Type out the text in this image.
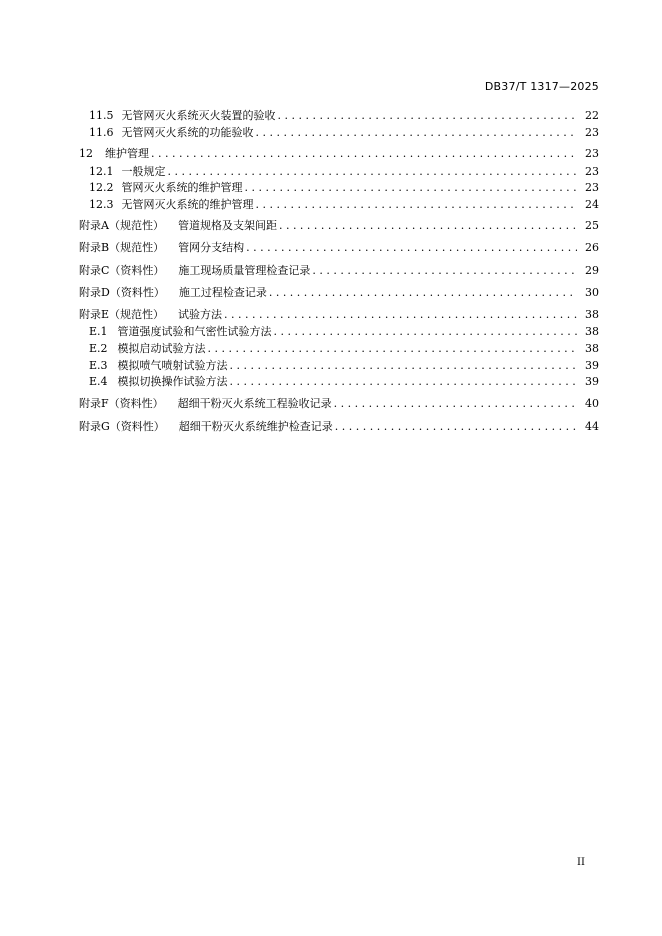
DB37/T 1317—2025
11.5 无管网灭火系统灭火装置的验收 . . .	22
11.6 无管网灭火系统的功能验收 . . .	23
12 维护管理 . . .	23
12.1 一般规定 . . .	23
12.2 管网灭火系统的维护管理 . . .	23
12.3 无管网灭火系统的维护管理 . . .	24
附录A（规范性） 管道规格及支架间距 . . .	25
附录B（规范性） 管网分支结构 . . .	26
附录C（资料性） 施工现场质量管理检查记录 . . .	29
附录D（资料性） 施工过程检查记录 . . .	30
附录E（规范性） 试验方法 . . .	38
E.1 管道强度试验和气密性试验方法 . . .	38
E.2 模拟启动试验方法 . . .	38
E.3 模拟喷气喷射试验方法 . . .	39
E.4 模拟切换操作试验方法 . . .	39
附录F（资料性） 超细干粉灭火系统工程验收记录 . . .	40
附录G（资料性） 超细干粉灭火系统维护检查记录 . . .	44
II
